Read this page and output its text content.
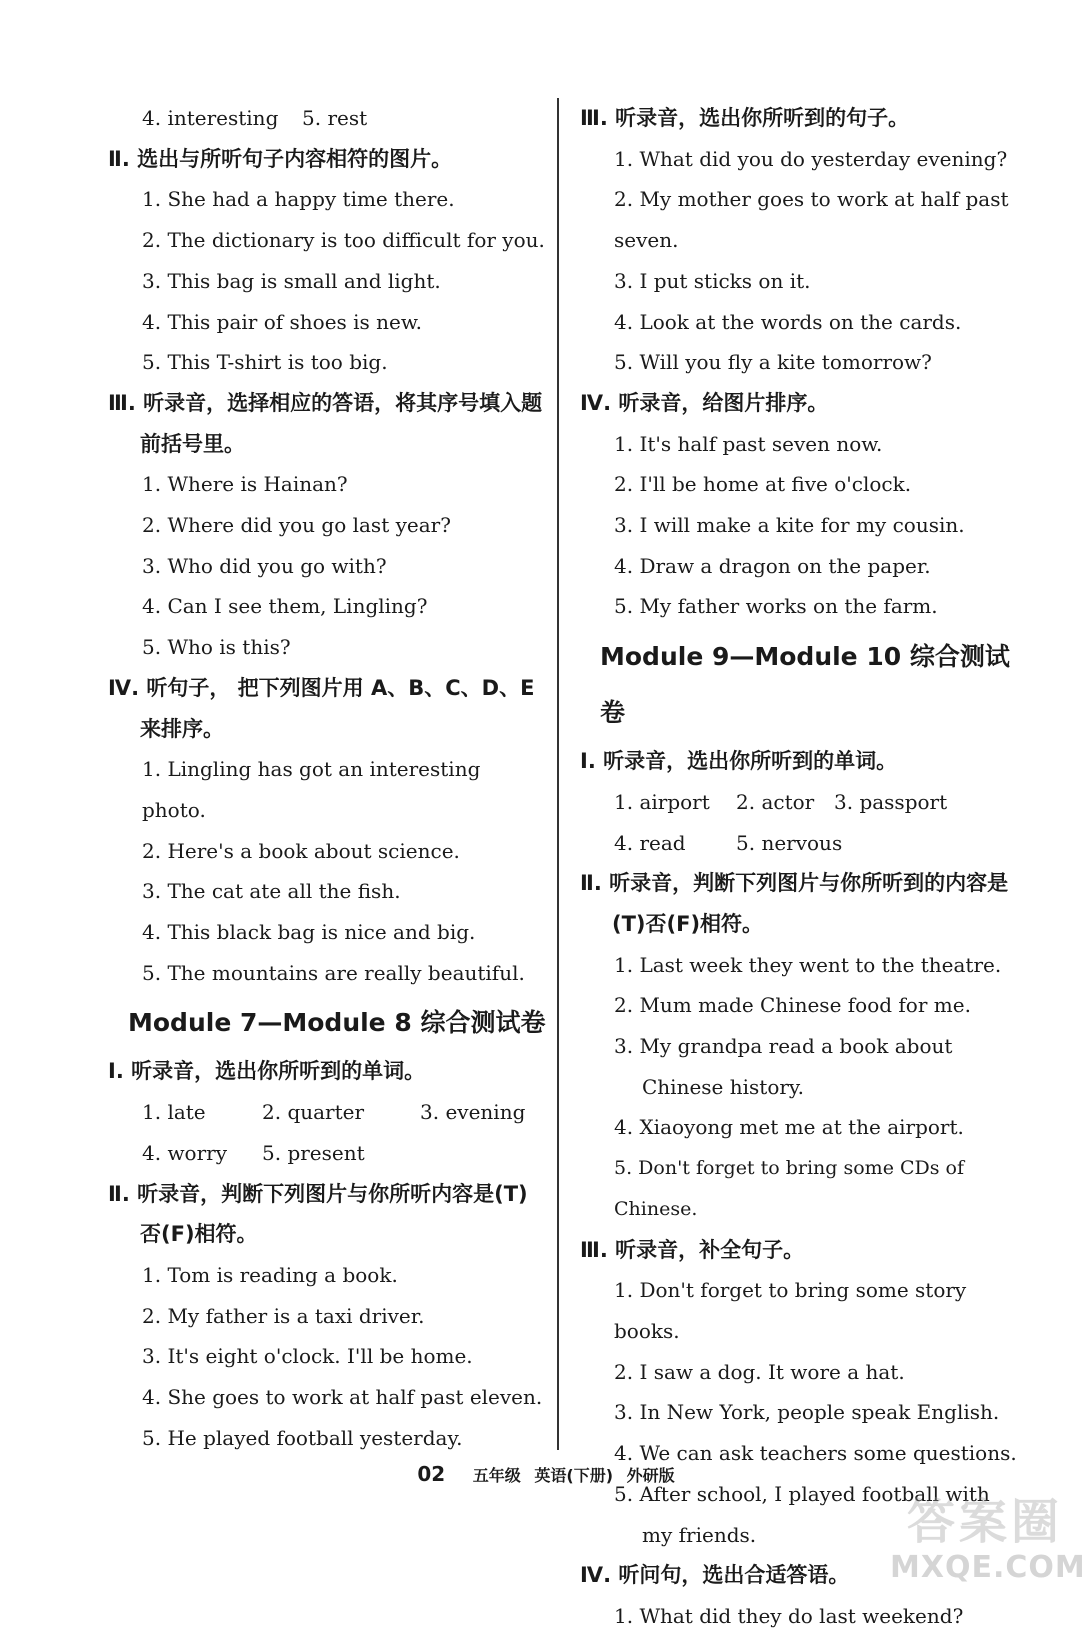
4. interesting	5. rest
Ⅱ. 选出与所听句子内容相符的图片。
1. She had a happy time there.
2. The dictionary is too difficult for you.
3. This bag is small and light.
4. This pair of shoes is new.
5. This T-shirt is too big.
Ⅲ. 听录音，选择相应的答语，将其序号填入题前括号里。
1. Where is Hainan?
2. Where did you go last year?
3. Who did you go with?
4. Can I see them, Lingling?
5. Who is this?
Ⅳ. 听句子， 把下列图片用 A、B、C、D、E 来排序。
1. Lingling has got an interesting photo.
2. Here's a book about science.
3. The cat ate all the fish.
4. This black bag is nice and big.
5. The mountains are really beautiful.
Module 7—Module 8 综合测试卷
Ⅰ. 听录音，选出你所听到的单词。
1. late	2. quarter	3. evening
4. worry	5. present
Ⅱ. 听录音，判断下列图片与你所听内容是(T)否(F)相符。
1. Tom is reading a book.
2. My father is a taxi driver.
3. It's eight o'clock. I'll be home.
4. She goes to work at half past eleven.
5. He played football yesterday.
Ⅲ. 听录音，选出你所听到的句子。
1. What did you do yesterday evening?
2. My mother goes to work at half past seven.
3. I put sticks on it.
4. Look at the words on the cards.
5. Will you fly a kite tomorrow?
Ⅳ. 听录音，给图片排序。
1. It's half past seven now.
2. I'll be home at five o'clock.
3. I will make a kite for my cousin.
4. Draw a dragon on the paper.
5. My father works on the farm.
Module 9—Module 10 综合测试卷
Ⅰ. 听录音，选出你所听到的单词。
1. airport	2. actor 3. passport
4. read	5. nervous
Ⅱ. 听录音，判断下列图片与你所听到的内容是(T)否(F)相符。
1. Last week they went to the theatre.
2. Mum made Chinese food for me.
3. My grandpa read a book about Chinese history.
4. Xiaoyong met me at the airport.
5. Don't forget to bring some CDs of Chinese.
Ⅲ. 听录音，补全句子。
1. Don't forget to bring some story books.
2. I saw a dog. It wore a hat.
3. In New York, people speak English.
4. We can ask teachers some questions.
5. After school, I played football with my friends.
Ⅳ. 听问句，选出合适答语。
1. What did they do last weekend?
02 五年级 英语(下册) 外研版
答案圈
MXQE.COM
